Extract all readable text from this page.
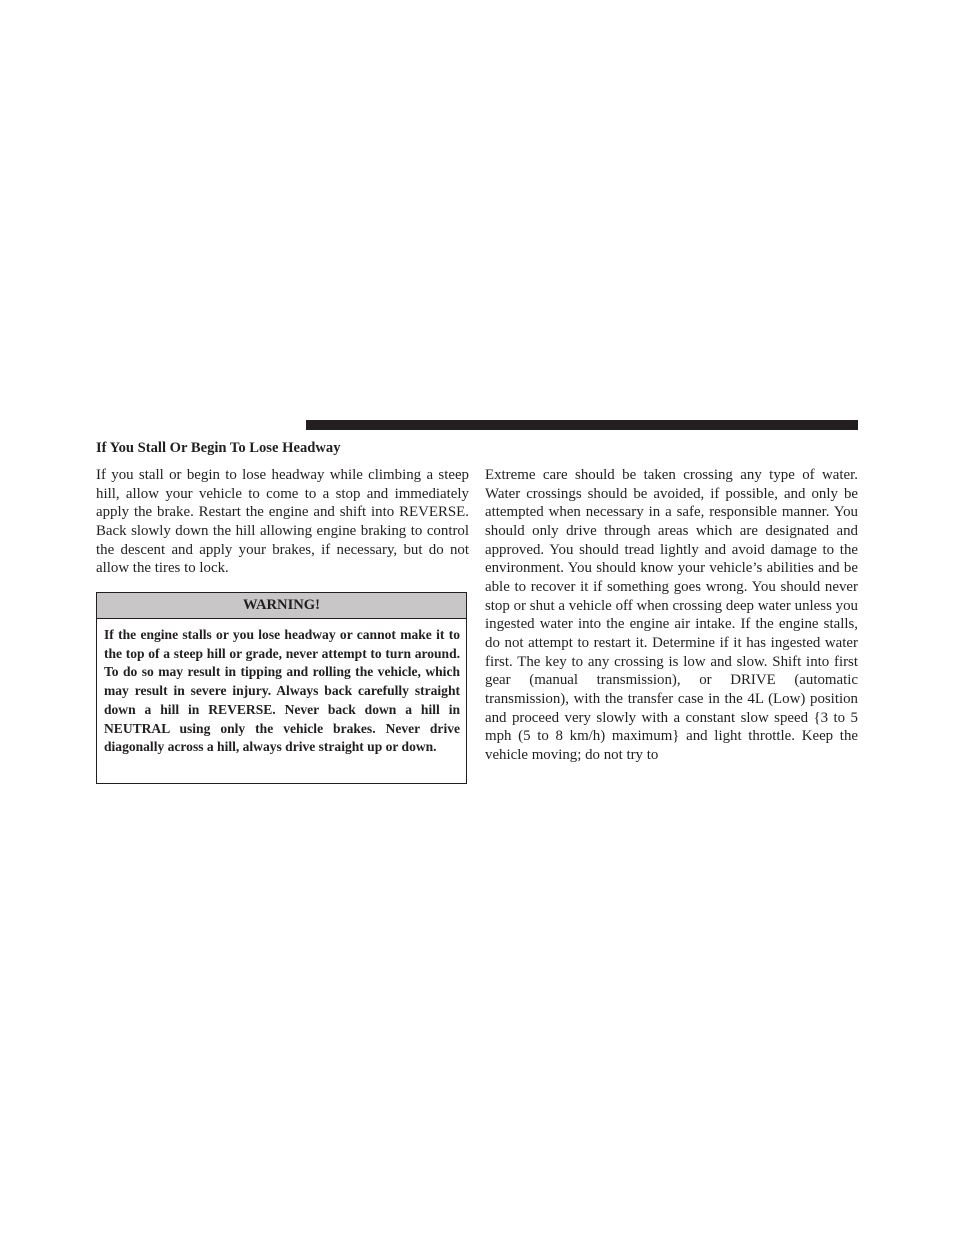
If You Stall Or Begin To Lose Headway

If you stall or begin to lose headway while climbing a steep hill, allow your vehicle to come to a stop and immediately apply the brake. Restart the engine and shift into REVERSE. Back slowly down the hill allowing engine braking to control the descent and apply your brakes, if necessary, but do not allow the tires to lock.

WARNING!

If the engine stalls or you lose headway or cannot make it to the top of a steep hill or grade, never attempt to turn around. To do so may result in tipping and rolling the vehicle, which may result in severe injury. Always back carefully straight down a hill in REVERSE. Never back down a hill in NEUTRAL using only the vehicle brakes. Never drive diagonally across a hill, always drive straight up or down.

Extreme care should be taken crossing any type of water. Water crossings should be avoided, if possible, and only be attempted when necessary in a safe, responsible manner. You should only drive through areas which are designated and approved. You should tread lightly and avoid damage to the environment. You should know your vehicle’s abilities and be able to recover it if something goes wrong. You should never stop or shut a vehicle off when crossing deep water unless you ingested water into the engine air intake. If the engine stalls, do not attempt to restart it. Determine if it has ingested water first. The key to any crossing is low and slow. Shift into first gear (manual transmission), or DRIVE (automatic transmission), with the transfer case in the 4L (Low) position and proceed very slowly with a constant slow speed {3 to 5 mph (5 to 8 km/h) maximum} and light throttle. Keep the vehicle moving; do not try to
